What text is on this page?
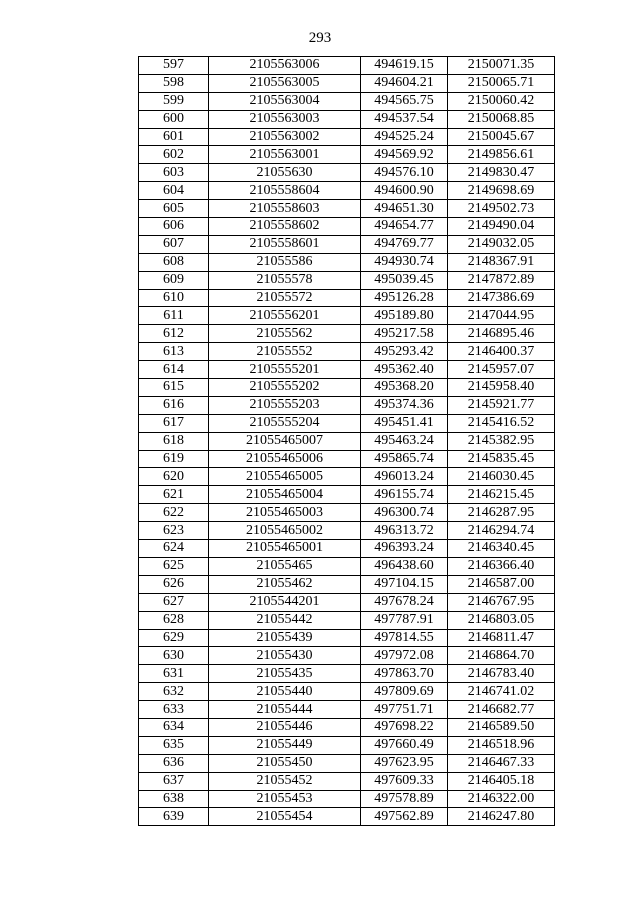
293
597	2105563006	494619.15	2150071.35
598	2105563005	494604.21	2150065.71
599	2105563004	494565.75	2150060.42
600	2105563003	494537.54	2150068.85
601	2105563002	494525.24	2150045.67
602	2105563001	494569.92	2149856.61
603	21055630	494576.10	2149830.47
604	2105558604	494600.90	2149698.69
605	2105558603	494651.30	2149502.73
606	2105558602	494654.77	2149490.04
607	2105558601	494769.77	2149032.05
608	21055586	494930.74	2148367.91
609	21055578	495039.45	2147872.89
610	21055572	495126.28	2147386.69
611	2105556201	495189.80	2147044.95
612	21055562	495217.58	2146895.46
613	21055552	495293.42	2146400.37
614	2105555201	495362.40	2145957.07
615	2105555202	495368.20	2145958.40
616	2105555203	495374.36	2145921.77
617	2105555204	495451.41	2145416.52
618	21055465007	495463.24	2145382.95
619	21055465006	495865.74	2145835.45
620	21055465005	496013.24	2146030.45
621	21055465004	496155.74	2146215.45
622	21055465003	496300.74	2146287.95
623	21055465002	496313.72	2146294.74
624	21055465001	496393.24	2146340.45
625	21055465	496438.60	2146366.40
626	21055462	497104.15	2146587.00
627	2105544201	497678.24	2146767.95
628	21055442	497787.91	2146803.05
629	21055439	497814.55	2146811.47
630	21055430	497972.08	2146864.70
631	21055435	497863.70	2146783.40
632	21055440	497809.69	2146741.02
633	21055444	497751.71	2146682.77
634	21055446	497698.22	2146589.50
635	21055449	497660.49	2146518.96
636	21055450	497623.95	2146467.33
637	21055452	497609.33	2146405.18
638	21055453	497578.89	2146322.00
639	21055454	497562.89	2146247.80
